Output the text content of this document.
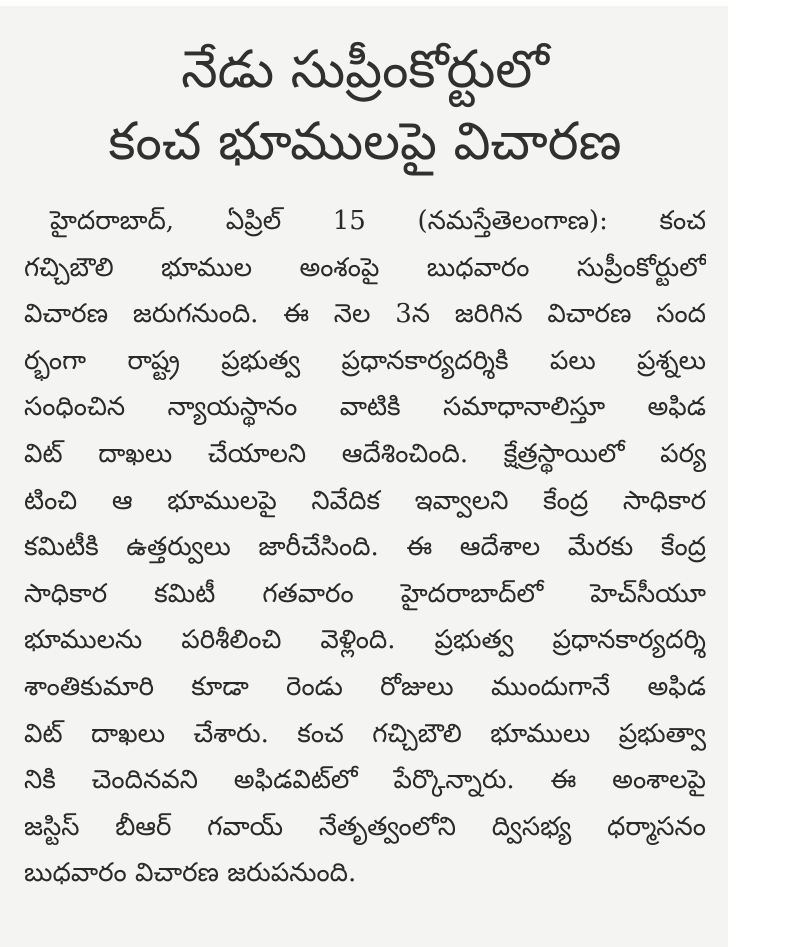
నేడు సుప్రీంకోర్టులో
కంచ భూములపై విచారణ
హైదరాబాద్, ఏప్రిల్ 15 (నమస్తేతెలంగాణ): కంచ
గచ్చిబౌలి భూముల అంశంపై బుధవారం సుప్రీంకోర్టులో
విచారణ జరుగనుంది. ఈ నెల 3న జరిగిన విచారణ సంద
ర్భంగా రాష్ట్ర ప్రభుత్వ ప్రధానకార్యదర్శికి పలు ప్రశ్నలు
సంధించిన న్యాయస్థానం వాటికి సమాధానాలిస్తూ అఫిడ
విట్ దాఖలు చేయాలని ఆదేశించింది. క్షేత్రస్థాయిలో పర్య
టించి ఆ భూములపై నివేదిక ఇవ్వాలని కేంద్ర సాధికార
కమిటీకి ఉత్తర్వులు జారీచేసింది. ఈ ఆదేశాల మేరకు కేంద్ర
సాధికార కమిటీ గతవారం హైదరాబాద్‌లో హెచ్‌సీయూ
భూములను పరిశీలించి వెళ్లింది. ప్రభుత్వ ప్రధానకార్యదర్శి
శాంతికుమారి కూడా రెండు రోజులు ముందుగానే అఫిడ
విట్ దాఖలు చేశారు. కంచ గచ్చిబౌలి భూములు ప్రభుత్వా
నికి చెందినవని అఫిడవిట్‌లో పేర్కొన్నారు. ఈ అంశాలపై
జస్టిస్ బీఆర్ గవాయ్ నేతృత్వంలోని ద్విసభ్య ధర్మాసనం
బుధవారం విచారణ జరుపనుంది.
